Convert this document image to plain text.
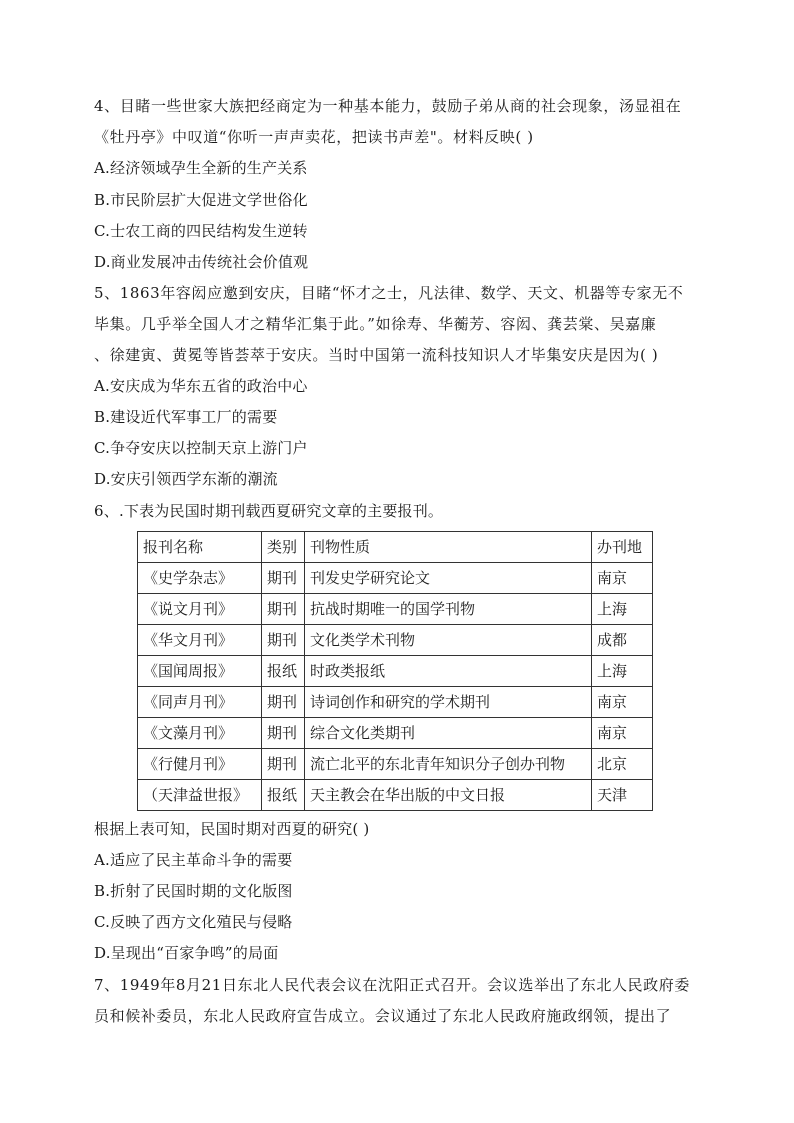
4、目睹一些世家大族把经商定为一种基本能力，鼓励子弟从商的社会现象，汤显祖在
《牡丹亭》中叹道“你听一声声卖花，把读书声差"。材料反映( )
A.经济领域孕生全新的生产关系
B.市民阶层扩大促进文学世俗化
C.士农工商的四民结构发生逆转
D.商业发展冲击传统社会价值观
5、1863年容闳应邀到安庆，目睹“怀才之士，凡法律、数学、天文、机器等专家无不
毕集。几乎举全国人才之精华汇集于此。”如徐寿、华蘅芳、容闳、龚芸棠、吴嘉廉
、徐建寅、黄冕等皆荟萃于安庆。当时中国第一流科技知识人才毕集安庆是因为( )
A.安庆成为华东五省的政治中心
B.建设近代军事工厂的需要
C.争夺安庆以控制天京上游门户
D.安庆引领西学东渐的潮流
6、.下表为民国时期刊载西夏研究文章的主要报刊。
报刊名称	类别	刊物性质	办刊地
《史学杂志》	期刊	刊发史学研究论文	南京
《说文月刊》	期刊	抗战时期唯一的国学刊物	上海
《华文月刊》	期刊	文化类学术刊物	成都
《国闻周报》	报纸	时政类报纸	上海
《同声月刊》	期刊	诗词创作和研究的学术期刊	南京
《文藻月刊》	期刊	综合文化类期刊	南京
《行健月刊》	期刊	流亡北平的东北青年知识分子创办刊物	北京
（天津益世报》	报纸	天主教会在华出版的中文日报	天津
根据上表可知，民国时期对西夏的研究( )
A.适应了民主革命斗争的需要
B.折射了民国时期的文化版图
C.反映了西方文化殖民与侵略
D.呈现出“百家争鸣”的局面
7、1949年8月21日东北人民代表会议在沈阳正式召开。会议选举出了东北人民政府委
员和候补委员，东北人民政府宣告成立。会议通过了东北人民政府施政纲领，提出了
